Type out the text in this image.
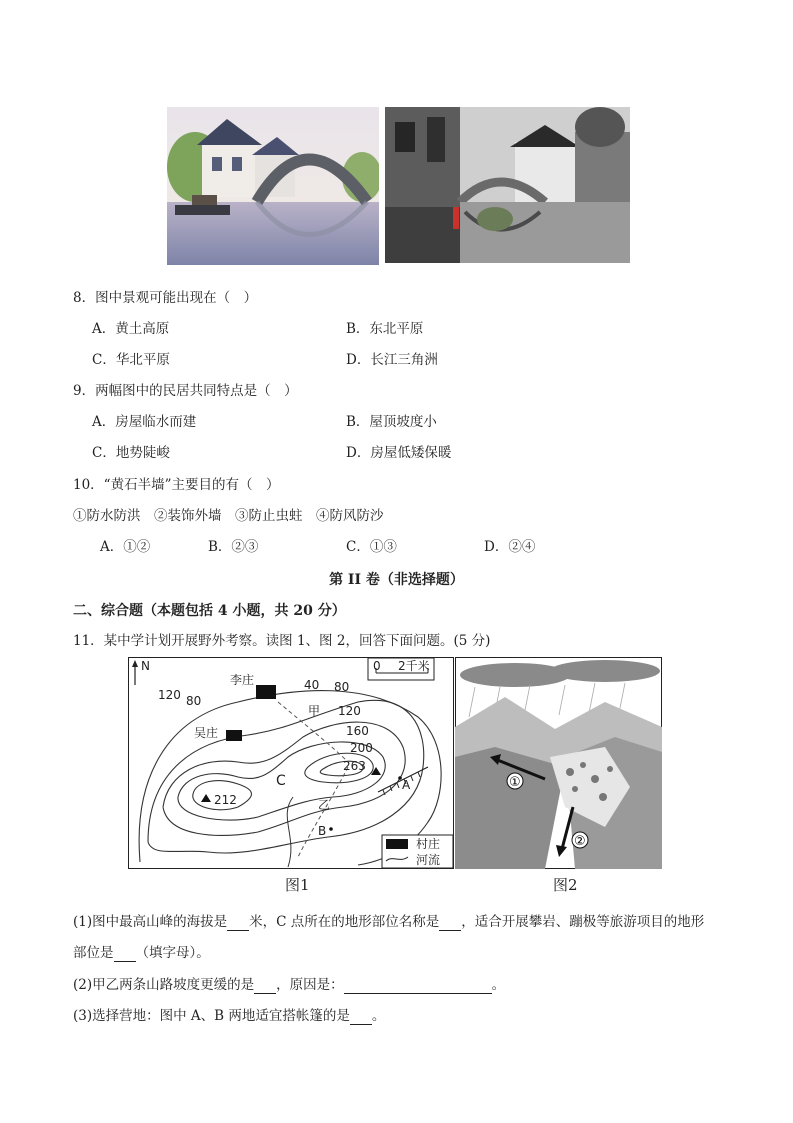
8．图中景观可能出现在（　）
A．黄土高原	B．东北平原
C．华北平原	D．长江三角洲
9．两幅图中的民居共同特点是（　）
A．房屋临水而建	B．屋顶坡度小
C．地势陡峻	D．房屋低矮保暖
10．“黄石半墙”主要目的有（　）
①防水防洪　②装饰外墙　③防止虫蛀　④防风防沙
A．①②	B．②③	C．①③	D．②④
第 II 卷（非选择题）
二、综合题（本题包括 4 小题，共 20 分）
11．某中学计划开展野外考察。读图 1、图 2，回答下面问题。(5 分)
N	0 2千米
李庄
吴庄
120 80
40 80
120
160
200
263
212
C	A
B
甲
乙
村庄
河流
图1
①
②
图2
(1)图中最高山峰的海拔是 米，C 点所在的地形部位名称是 ，适合开展攀岩、蹦极等旅游项目的地形
部位是 （填字母）。
(2)甲乙两条山路坡度更缓的是 ，原因是：	。
(3)选择营地：图中 A、B 两地适宜搭帐篷的是 。
